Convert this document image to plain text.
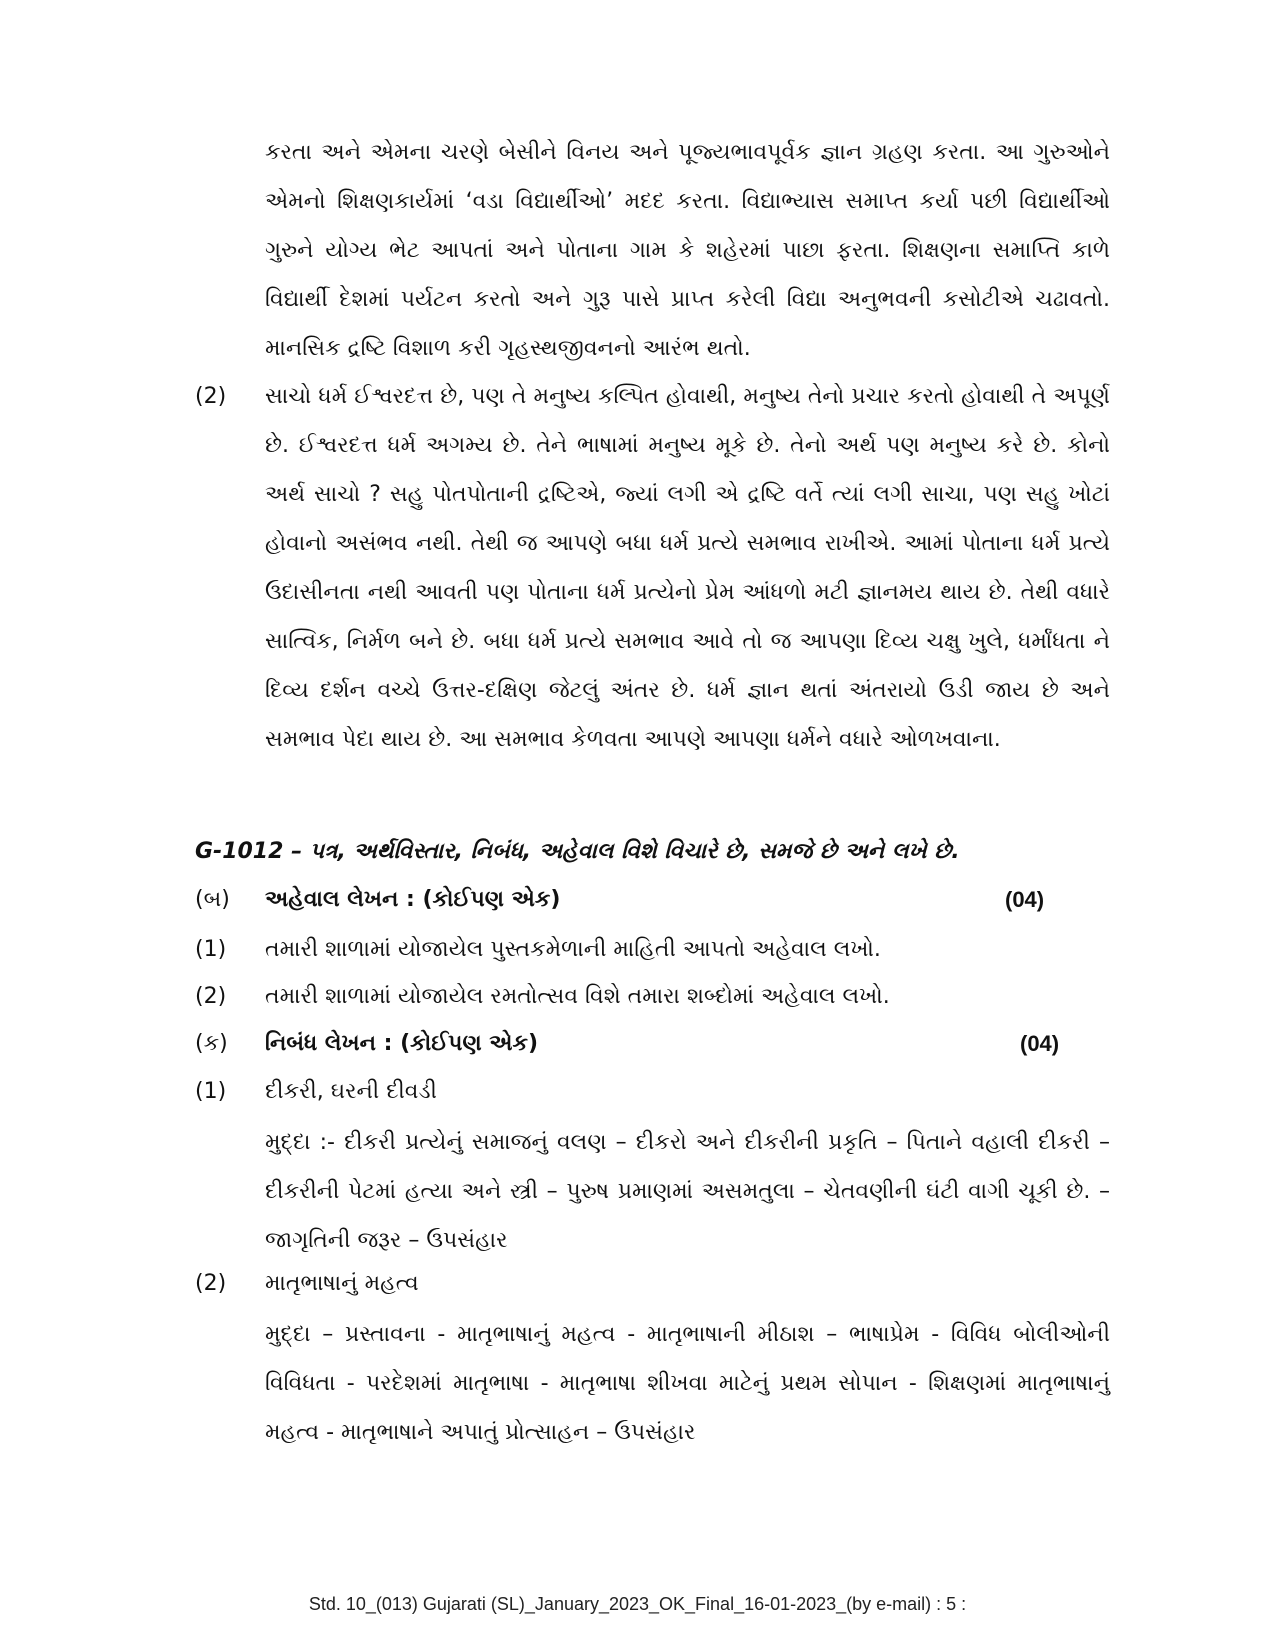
કરતા અને એમના ચરણે બેસીને વિનય અને પૂજ્યભાવપૂર્વક જ્ઞાન ગ્રહણ કરતા. આ ગુરુઓને એમનો શિક્ષણકાર્યમાં ‘વડા વિદ્યાર્થીઓ’ મદદ કરતા. વિદ્યાભ્યાસ સમાપ્ત કર્યા પછી વિદ્યાર્થીઓ ગુરુને યોગ્ય ભેટ આપતાં અને પોતાના ગામ કે શહેરમાં પાછા ફરતા. શિક્ષણના સમાપ્તિ કાળે વિદ્યાર્થી દેશમાં પર્યટન કરતો અને ગુરૂ પાસે પ્રાપ્ત કરેલી વિદ્યા અનુભવની કસોટીએ ચઢાવતો. માનસિક દ્રષ્ટિ વિશાળ કરી ગૃહસ્થજીવનનો આરંભ થતો.

(2) સાચો ધર્મ ઈશ્વરદત્ત છે, પણ તે મનુષ્ય કલ્પિત હોવાથી, મનુષ્ય તેનો પ્રચાર કરતો હોવાથી તે અપૂર્ણ છે. ઈશ્વરદત્ત ધર્મ અગમ્ય છે. તેને ભાષામાં મનુષ્ય મૂકે છે. તેનો અર્થ પણ મનુષ્ય કરે છે. કોનો અર્થ સાચો ? સહુ પોતપોતાની દ્રષ્ટિએ, જ્યાં લગી એ દ્રષ્ટિ વર્તે ત્યાં લગી સાચા, પણ સહુ ખોટાં હોવાનો અસંભવ નથી. તેથી જ આપણે બધા ધર્મ પ્રત્યે સમભાવ રાખીએ. આમાં પોતાના ધર્મ પ્રત્યે ઉદાસીનતા નથી આવતી પણ પોતાના ધર્મ પ્રત્યેનો પ્રેમ આંધળો મટી જ્ઞાનમય થાય છે. તેથી વધારે સાત્વિક, નિર્મળ બને છે. બધા ધર્મ પ્રત્યે સમભાવ આવે તો જ આપણા દિવ્ય ચક્ષુ ખુલે, ધર્માંધતા ને દિવ્ય દર્શન વચ્ચે ઉત્તર-દક્ષિણ જેટલું અંતર છે. ધર્મ જ્ઞાન થતાં અંતરાયો ઉડી જાય છે અને સમભાવ પેદા થાય છે. આ સમભાવ કેળવતા આપણે આપણા ધર્મને વધારે ઓળખવાના.

G-1012 – પત્ર, અર્થવિસ્તાર, નિબંધ, અહેવાલ વિશે વિચારે છે, સમજે છે અને લખે છે.

(બ) અહેવાલ લેખન : (કોઈપણ એક)	(04)

(1) તમારી શાળામાં યોજાયેલ પુસ્તકમેળાની માહિતી આપતો અહેવાલ લખો.

(2) તમારી શાળામાં યોજાયેલ રમતોત્સવ વિશે તમારા શબ્દોમાં અહેવાલ લખો.

(ક) નિબંધ લેખન : (કોઈપણ એક)	(04)

(1) દીકરી, ઘરની દીવડી

મુદ્દા :- દીકરી પ્રત્યેનું સમાજનું વલણ – દીકરો અને દીકરીની પ્રકૃતિ – પિતાને વહાલી દીકરી – દીકરીની પેટમાં હત્યા અને સ્ત્રી – પુરુષ પ્રમાણમાં અસમતુલા – ચેતવણીની ઘંટી વાગી ચૂકી છે. – જાગૃતિની જરૂર – ઉપસંહાર

(2) માતૃભાષાનું મહત્વ

મુદ્દા – પ્રસ્તાવના - માતૃભાષાનું મહત્વ - માતૃભાષાની મીઠાશ – ભાષાપ્રેમ - વિવિધ બોલીઓની વિવિધતા - પરદેશમાં માતૃભાષા - માતૃભાષા શીખવા માટેનું પ્રથમ સોપાન - શિક્ષણમાં માતૃભાષાનું મહત્વ - માતૃભાષાને અપાતું પ્રોત્સાહન – ઉપસંહાર

Std. 10_(013) Gujarati (SL)_January_2023_OK_Final_16-01-2023_(by e-mail) : 5 :
